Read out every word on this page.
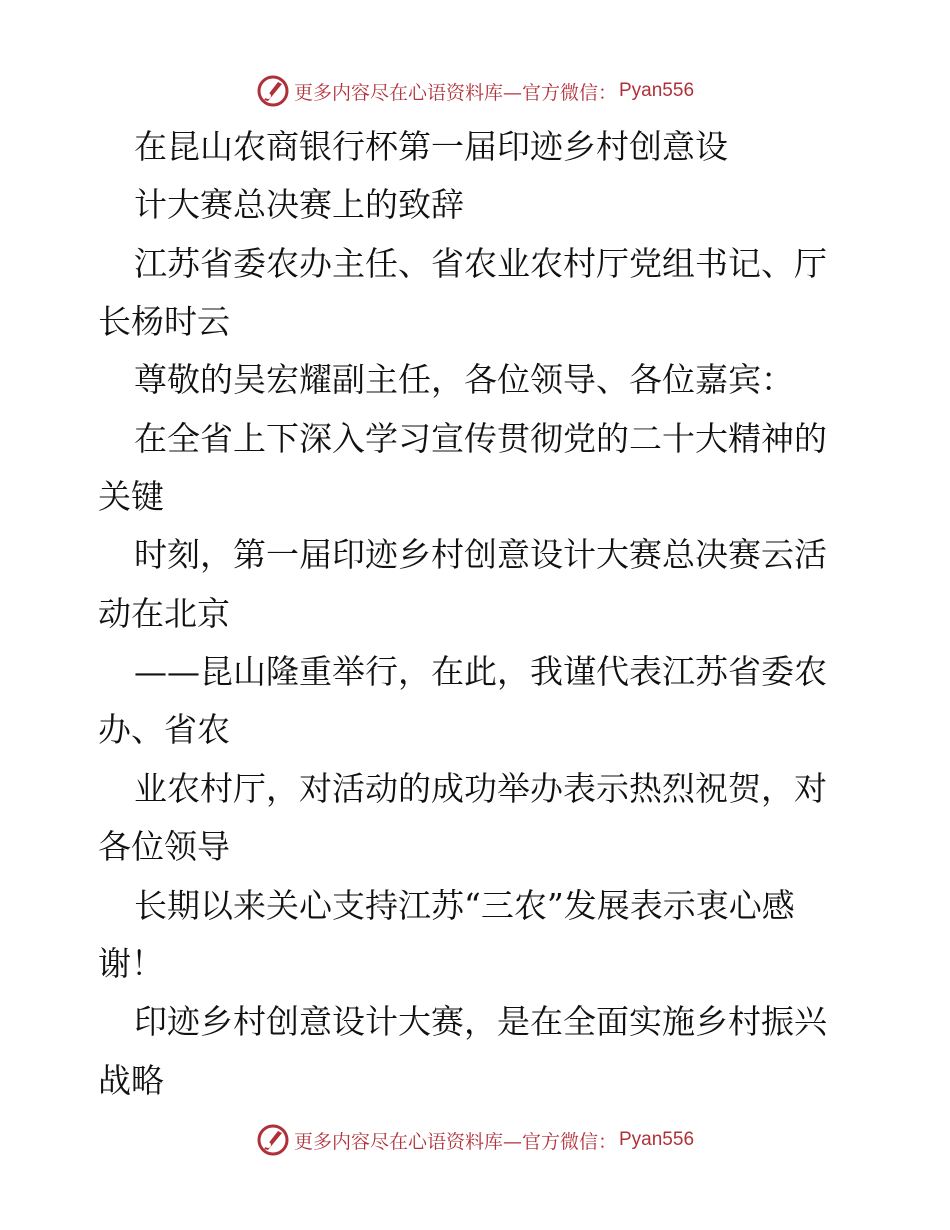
更多内容尽在心语资料库—官方微信： Pyan556
在昆山农商银行杯第一届印迹乡村创意设
计大赛总决赛上的致辞
江苏省委农办主任、省农业农村厅党组书记、厅
长杨时云
尊敬的吴宏耀副主任，各位领导、各位嘉宾：
在全省上下深入学习宣传贯彻党的二十大精神的
关键
时刻，第一届印迹乡村创意设计大赛总决赛云活
动在北京
——昆山隆重举行，在此，我谨代表江苏省委农
办、省农
业农村厅，对活动的成功举办表示热烈祝贺，对
各位领导
长期以来关心支持江苏“三农”发展表示衷心感
谢！
印迹乡村创意设计大赛，是在全面实施乡村振兴
战略
更多内容尽在心语资料库—官方微信： Pyan556
